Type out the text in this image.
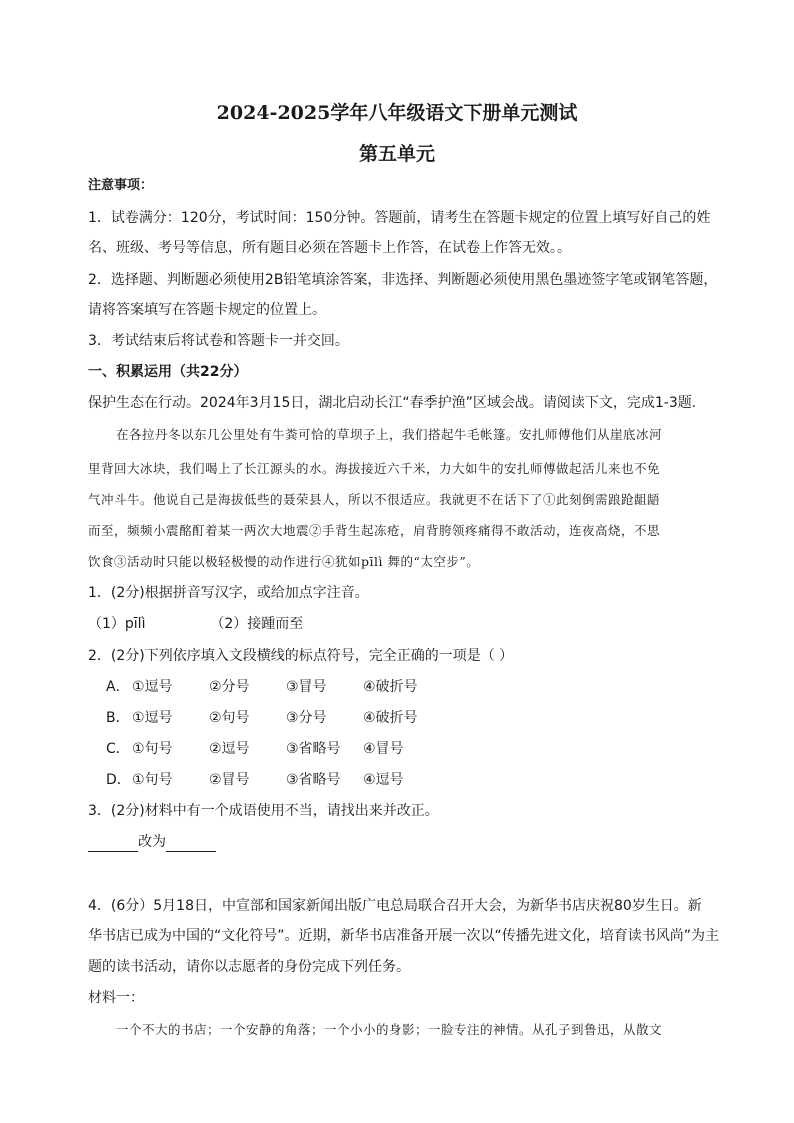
2024-2025学年八年级语文下册单元测试
第五单元
注意事项：
1．试卷满分：120分，考试时间：150分钟。答题前，请考生在答题卡规定的位置上填写好自己的姓
名、班级、考号等信息，所有题目必须在答题卡上作答，在试卷上作答无效。。
2．选择题、判断题必须使用2B铅笔填涂答案，非选择、判断题必须使用黑色墨迹签字笔或钢笔答题，
请将答案填写在答题卡规定的位置上。
3．考试结束后将试卷和答题卡一并交回。
一、积累运用（共22分）
保护生态在行动。2024年3月15日，湖北启动长江“春季护渔”区域会战。请阅读下文，完成1-3题.
在各拉丹冬以东几公里处有牛粪可恰的草坝子上，我们搭起牛毛帐篷。安扎师傅他们从崖底冰河
里背回大冰块，我们喝上了长江源头的水。海拔接近六千米，力大如牛的安扎师傅做起活儿来也不免
气冲斗牛。他说自己是海拔低些的聂荣县人，所以不很适应。我就更不在话下了①此刻倒需踉跄龃龉
而至，频频小震酩酊着某一两次大地震②手背生起冻疮，肩背胯领疼痛得不敢活动，连夜高烧，不思
饮食③活动时只能以极轻极慢的动作进行④犹如pīlì 舞的“太空步”。
1．(2分)根据拼音写汉字，或给加点字注音。
（1）pīlì	（2）接踵而至
2．(2分)下列依序填入文段横线的标点符号，完全正确的一项是（ ）
A． ①逗号	②分号	③冒号	④破折号
B． ①逗号	②句号	③分号	④破折号
C． ①句号	②逗号	③省略号 ④冒号
D．①句号	②冒号	③省略号 ④逗号
3．(2分)材料中有一个成语使用不当，请找出来并改正。
改为
4．(6分）5月18日，中宣部和国家新闻出版广电总局联合召开大会，为新华书店庆祝80岁生日。新
华书店已成为中国的“文化符号”。近期，新华书店准备开展一次以“传播先进文化，培育读书风尚”为主
题的读书活动，请你以志愿者的身份完成下列任务。
材料一：
一个不大的书店；一个安静的角落；一个小小的身影；一脸专注的神情。从孔子到鲁迅，从散文
